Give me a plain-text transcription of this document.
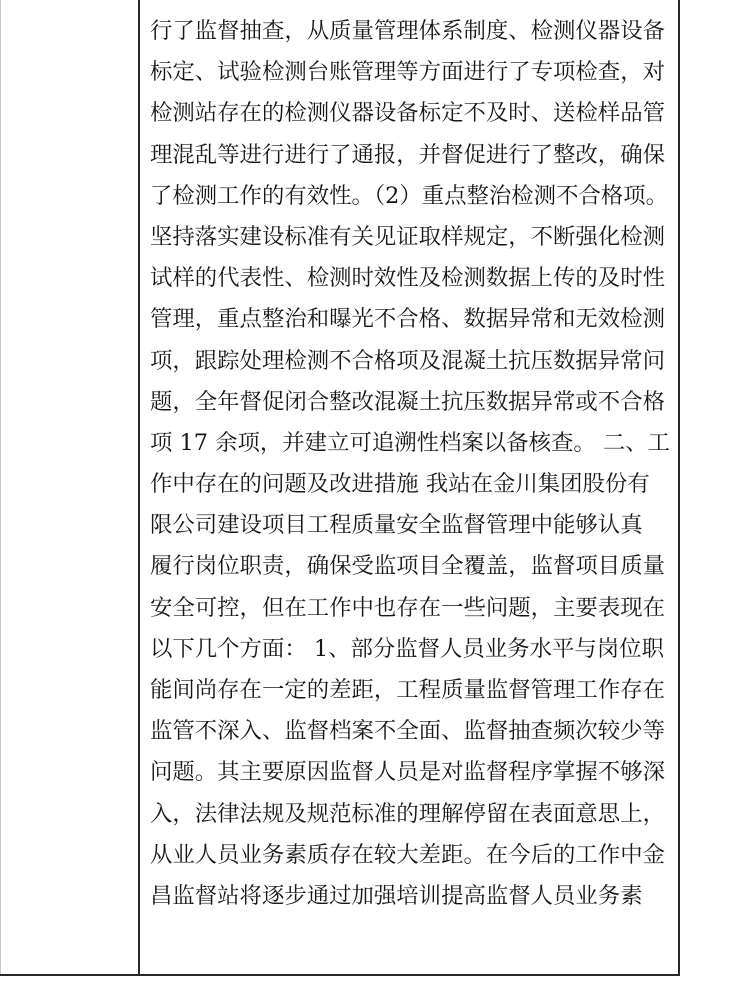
行了监督抽查，从质量管理体系制度、检测仪器设备
标定、试验检测台账管理等方面进行了专项检查，对
检测站存在的检测仪器设备标定不及时、送检样品管
理混乱等进行进行了通报，并督促进行了整改，确保
了检测工作的有效性。（2）重点整治检测不合格项。
坚持落实建设标准有关见证取样规定，不断强化检测
试样的代表性、检测时效性及检测数据上传的及时性
管理，重点整治和曝光不合格、数据异常和无效检测
项，跟踪处理检测不合格项及混凝土抗压数据异常问
题，全年督促闭合整改混凝土抗压数据异常或不合格
项 17 余项，并建立可追溯性档案以备核查。 二、工
作中存在的问题及改进措施 我站在金川集团股份有
限公司建设项目工程质量安全监督管理中能够认真
履行岗位职责，确保受监项目全覆盖，监督项目质量
安全可控，但在工作中也存在一些问题，主要表现在
以下几个方面： 1、部分监督人员业务水平与岗位职
能间尚存在一定的差距，工程质量监督管理工作存在
监管不深入、监督档案不全面、监督抽查频次较少等
问题。其主要原因监督人员是对监督程序掌握不够深
入，法律法规及规范标准的理解停留在表面意思上，
从业人员业务素质存在较大差距。在今后的工作中金
昌监督站将逐步通过加强培训提高监督人员业务素
